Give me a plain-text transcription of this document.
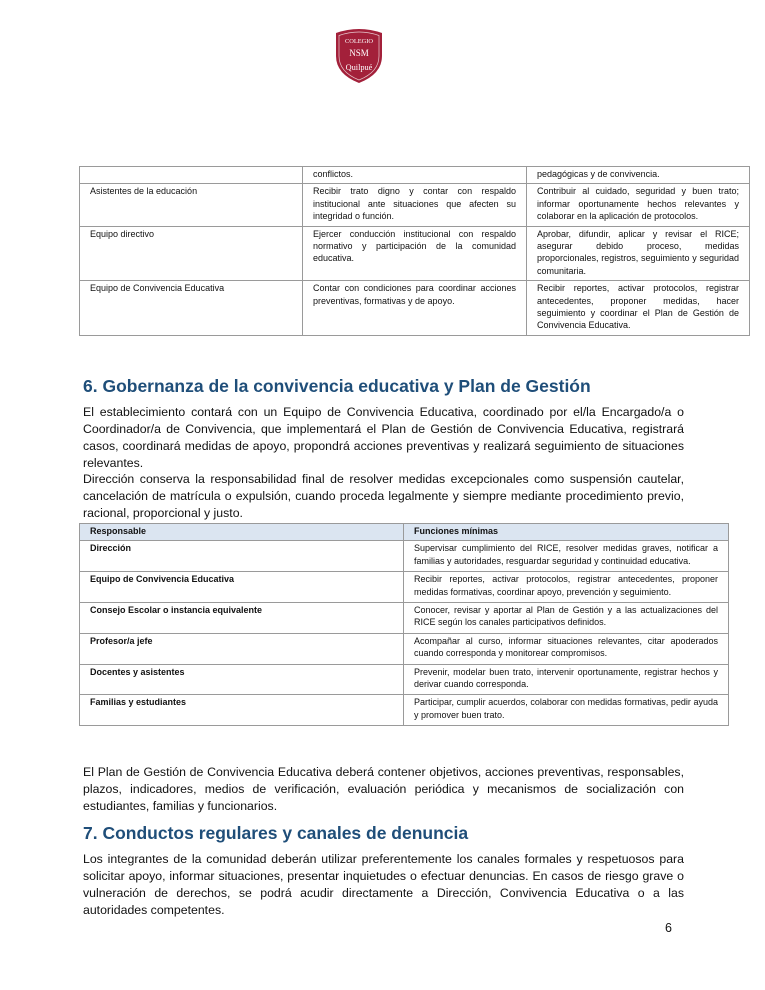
COLEGIO
NSM
Quilpué
	conflictos.	pedagógicas y de convivencia.
Asistentes de la educación	Recibir trato digno y contar con respaldo institucional ante situaciones que afecten su integridad o función.	Contribuir al cuidado, seguridad y buen trato; informar oportunamente hechos relevantes y colaborar en la aplicación de protocolos.
Equipo directivo	Ejercer conducción institucional con respaldo normativo y participación de la comunidad educativa.	Aprobar, difundir, aplicar y revisar el RICE; asegurar debido proceso, medidas proporcionales, registros, seguimiento y seguridad comunitaria.
Equipo de Convivencia Educativa	Contar con condiciones para coordinar acciones preventivas, formativas y de apoyo.	Recibir reportes, activar protocolos, registrar antecedentes, proponer medidas, hacer seguimiento y coordinar el Plan de Gestión de Convivencia Educativa.
6. Gobernanza de la convivencia educativa y Plan de Gestión

El establecimiento contará con un Equipo de Convivencia Educativa, coordinado por el/la Encargado/a o Coordinador/a de Convivencia, que implementará el Plan de Gestión de Convivencia Educativa, registrará casos, coordinará medidas de apoyo, propondrá acciones preventivas y realizará seguimiento de situaciones relevantes.

Dirección conserva la responsabilidad final de resolver medidas excepcionales como suspensión cautelar, cancelación de matrícula o expulsión, cuando proceda legalmente y siempre mediante procedimiento previo, racional, proporcional y justo.

Responsable	Funciones mínimas
Dirección	Supervisar cumplimiento del RICE, resolver medidas graves, notificar a familias y autoridades, resguardar seguridad y continuidad educativa.
Equipo de Convivencia Educativa	Recibir reportes, activar protocolos, registrar antecedentes, proponer medidas formativas, coordinar apoyo, prevención y seguimiento.
Consejo Escolar o instancia equivalente	Conocer, revisar y aportar al Plan de Gestión y a las actualizaciones del RICE según los canales participativos definidos.
Profesor/a jefe	Acompañar al curso, informar situaciones relevantes, citar apoderados cuando corresponda y monitorear compromisos.
Docentes y asistentes	Prevenir, modelar buen trato, intervenir oportunamente, registrar hechos y derivar cuando corresponda.
Familias y estudiantes	Participar, cumplir acuerdos, colaborar con medidas formativas, pedir ayuda y promover buen trato.

El Plan de Gestión de Convivencia Educativa deberá contener objetivos, acciones preventivas, responsables, plazos, indicadores, medios de verificación, evaluación periódica y mecanismos de socialización con estudiantes, familias y funcionarios.

7. Conductos regulares y canales de denuncia

Los integrantes de la comunidad deberán utilizar preferentemente los canales formales y respetuosos para solicitar apoyo, informar situaciones, presentar inquietudes o efectuar denuncias. En casos de riesgo grave o vulneración de derechos, se podrá acudir directamente a Dirección, Convivencia Educativa o a las autoridades competentes.

6
